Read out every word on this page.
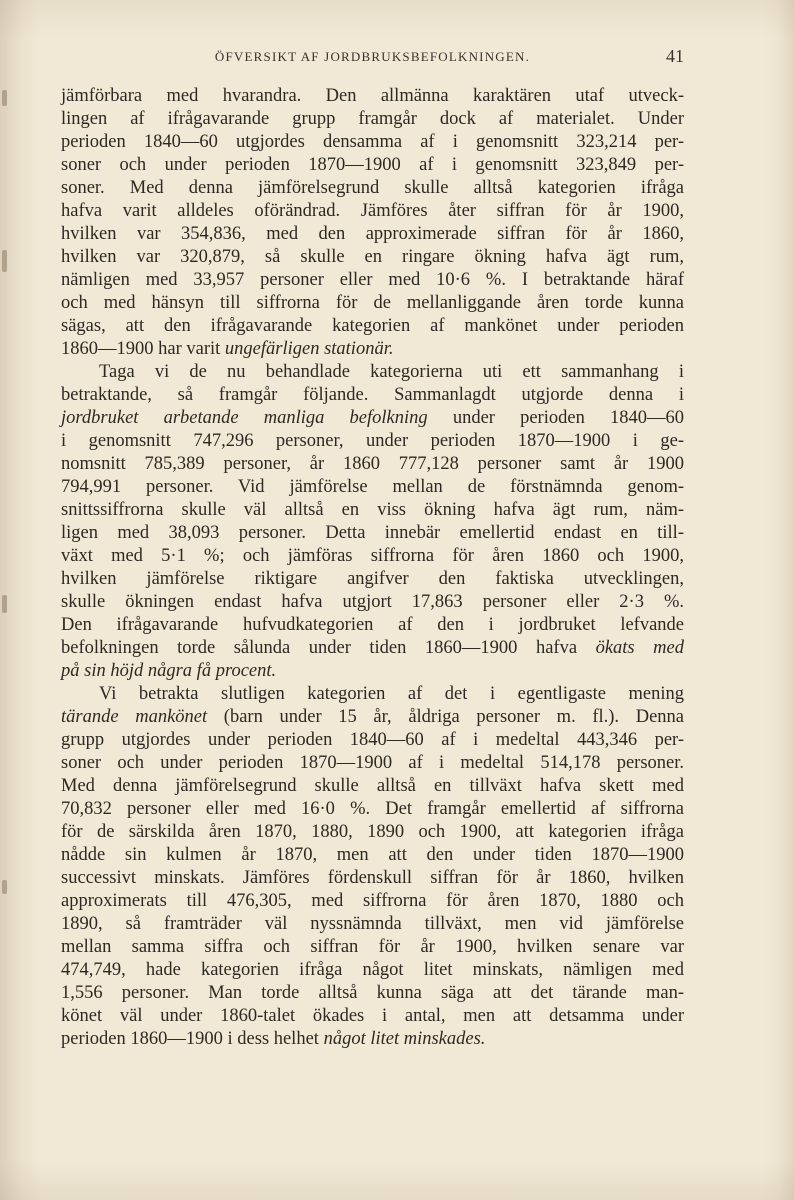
ÖFVERSIKT AF JORDBRUKSBEFOLKNINGEN.	41
jämförbara med hvarandra. Den allmänna karaktären utaf utveck-
lingen af ifrågavarande grupp framgår dock af materialet. Under
perioden 1840—60 utgjordes densamma af i genomsnitt 323,214 per-
soner och under perioden 1870—1900 af i genomsnitt 323,849 per-
soner. Med denna jämförelsegrund skulle alltså kategorien ifråga
hafva varit alldeles oförändrad. Jämföres åter siffran för år 1900,
hvilken var 354,836, med den approximerade siffran för år 1860,
hvilken var 320,879, så skulle en ringare ökning hafva ägt rum,
nämligen med 33,957 personer eller med 10·6 %. I betraktande häraf
och med hänsyn till siffrorna för de mellanliggande åren torde kunna
sägas, att den ifrågavarande kategorien af mankönet under perioden
1860—1900 har varit ungefärligen stationär.
Taga vi de nu behandlade kategorierna uti ett sammanhang i
betraktande, så framgår följande. Sammanlagdt utgjorde denna i
jordbruket arbetande manliga befolkning under perioden 1840—60
i genomsnitt 747,296 personer, under perioden 1870—1900 i ge-
nomsnitt 785,389 personer, år 1860 777,128 personer samt år 1900
794,991 personer. Vid jämförelse mellan de förstnämnda genom-
snittssiffrorna skulle väl alltså en viss ökning hafva ägt rum, näm-
ligen med 38,093 personer. Detta innebär emellertid endast en till-
växt med 5·1 %; och jämföras siffrorna för åren 1860 och 1900,
hvilken jämförelse riktigare angifver den faktiska utvecklingen,
skulle ökningen endast hafva utgjort 17,863 personer eller 2·3 %.
Den ifrågavarande hufvudkategorien af den i jordbruket lefvande
befolkningen torde sålunda under tiden 1860—1900 hafva ökats med
på sin höjd några få procent.
Vi betrakta slutligen kategorien af det i egentligaste mening
tärande mankönet (barn under 15 år, åldriga personer m. fl.). Denna
grupp utgjordes under perioden 1840—60 af i medeltal 443,346 per-
soner och under perioden 1870—1900 af i medeltal 514,178 personer.
Med denna jämförelsegrund skulle alltså en tillväxt hafva skett med
70,832 personer eller med 16·0 %. Det framgår emellertid af siffrorna
för de särskilda åren 1870, 1880, 1890 och 1900, att kategorien ifråga
nådde sin kulmen år 1870, men att den under tiden 1870—1900
successivt minskats. Jämföres fördenskull siffran för år 1860, hvilken
approximerats till 476,305, med siffrorna för åren 1870, 1880 och
1890, så framträder väl nyssnämnda tillväxt, men vid jämförelse
mellan samma siffra och siffran för år 1900, hvilken senare var
474,749, hade kategorien ifråga något litet minskats, nämligen med
1,556 personer. Man torde alltså kunna säga att det tärande man-
könet väl under 1860-talet ökades i antal, men att detsamma under
perioden 1860—1900 i dess helhet något litet minskades.
